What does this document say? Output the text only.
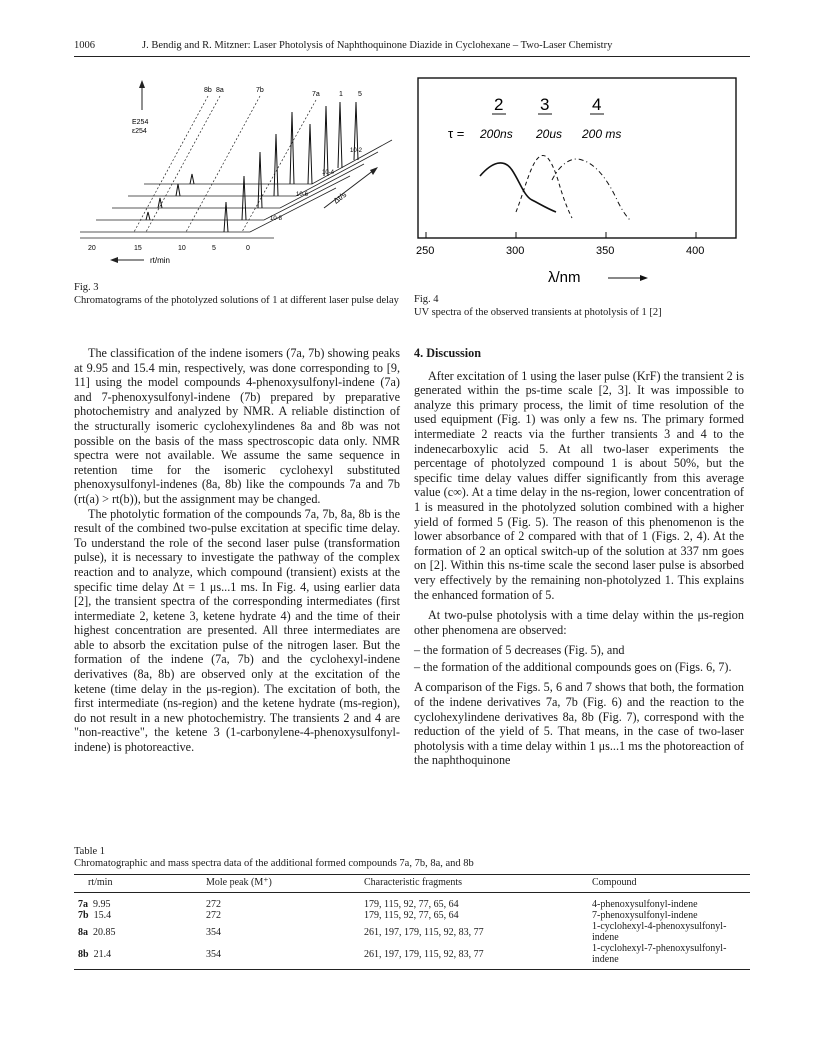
1006	J. Bendig and R. Mitzner: Laser Photolysis of Naphthoquinone Diazide in Cyclohexane – Two-Laser Chemistry
E254
ε254
8b 8a	7b
7a	1 5
20	15	10	5	0
rt/min
10-2
10-4
10-6
10-8
Δt/s
Fig. 3
Chromatograms of the photolyzed solutions of 1 at different laser pulse delay
2 3	4
τ = 200ns 20us 200 ms
250	300	350	400
λ/nm
Fig. 4
UV spectra of the observed transients at photolysis of 1 [2]

The classification of the indene isomers (7a, 7b) showing peaks at 9.95 and 15.4 min, respectively, was done corresponding to [9, 11] using the model compounds 4-phenoxysulfonyl-indene (7a) and 7-phenoxysulfonyl-indene (7b) prepared by preparative photochemistry and analyzed by NMR. A reliable distinction of the structurally isomeric cyclohexylindenes 8a and 8b was not possible on the basis of the mass spectroscopic data only. NMR spectra were not available. We assume the same sequence in retention time for the isomeric cyclohexyl substituted phenoxysulfonyl-indenes (8a, 8b) like the compounds 7a and 7b (rt(a) > rt(b)), but the assignment may be changed.

The photolytic formation of the compounds 7a, 7b, 8a, 8b is the result of the combined two-pulse excitation at specific time delay. To understand the role of the second laser pulse (transformation pulse), it is necessary to investigate the pathway of the complex reaction and to analyze, which compound (transient) exists at the specific time delay Δt = 1 μs...1 ms. In Fig. 4, using earlier data [2], the transient spectra of the corresponding intermediates (first intermediate 2, ketene 3, ketene hydrate 4) and the time of their highest concentration are presented. All three intermediates are able to absorb the excitation pulse of the nitrogen laser. But the formation of the indene (7a, 7b) and the cyclohexyl-indene derivatives (8a, 8b) are observed only at the excitation of the ketene (time delay in the μs-region). The excitation of both, the first intermediate (ns-region) and the ketene hydrate (ms-region), do not result in a new photochemistry. The transients 2 and 4 are "non-reactive", the ketene 3 (1-carbonylene-4-phenoxysulfonyl-indene) is photoreactive.

4. Discussion

After excitation of 1 using the laser pulse (KrF) the transient 2 is generated within the ps-time scale [2, 3]. It was impossible to analyze this primary process, the limit of time resolution of the used equipment (Fig. 1) was only a few ns. The primary formed intermediate 2 reacts via the further transients 3 and 4 to the indenecarboxylic acid 5. At all two-laser experiments the percentage of photolyzed compound 1 is about 50%, but the specific time delay values differ significantly from this average value (c∞). At a time delay in the ns-region, lower concentration of 1 is measured in the photolyzed solution combined with a higher yield of formed 5 (Fig. 5). The reason of this phenomenon is the lower absorbance of 2 compared with that of 1 (Figs. 2, 4). At the formation of 2 an optical switch-up of the solution at 337 nm goes on [2]. Within this ns-time scale the second laser pulse is absorbed very effectively by the remaining non-photolyzed 1. This explains the enhanced formation of 5.

At two-pulse photolysis with a time delay within the μs-region other phenomena are observed:

– the formation of 5 decreases (Fig. 5), and
– the formation of the additional compounds goes on (Figs. 6, 7).

A comparison of the Figs. 5, 6 and 7 shows that both, the formation of the indene derivatives 7a, 7b (Fig. 6) and the reaction to the cyclohexylindene derivatives 8a, 8b (Fig. 7), correspond with the reduction of the yield of 5. That means, in the case of two-laser photolysis with a time delay within 1 μs...1 ms the photoreaction of the naphthoquinone

Table 1
Chromatographic and mass spectra data of the additional formed compounds 7a, 7b, 8a, and 8b
rt/min	Mole peak (M⁺)	Characteristic fragments	Compound
7a 9.95	272	179, 115, 92, 77, 65, 64	4-phenoxysulfonyl-indene
7b 15.4	272	179, 115, 92, 77, 65, 64	7-phenoxysulfonyl-indene
8a 20.85	354	261, 197, 179, 115, 92, 83, 77	1-cyclohexyl-4-phenoxysulfonyl-indene
8b 21.4	354	261, 197, 179, 115, 92, 83, 77	1-cyclohexyl-7-phenoxysulfonyl-indene
